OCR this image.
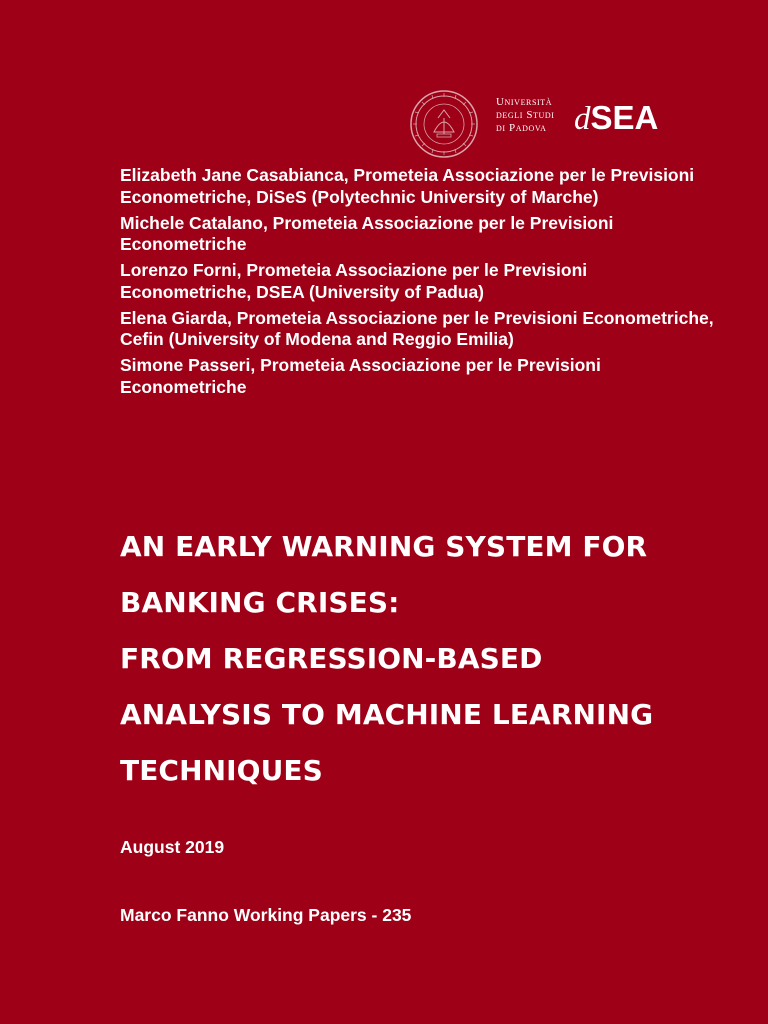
Università
degli Studi
di Padova dSEA
Elizabeth Jane Casabianca, Prometeia Associazione per le Previsioni Econometriche, DiSeS (Polytechnic University of Marche)
Michele Catalano, Prometeia Associazione per le Previsioni Econometriche
Lorenzo Forni, Prometeia Associazione per le Previsioni Econometriche, DSEA (University of Padua)
Elena Giarda, Prometeia Associazione per le Previsioni Econometriche, Cefin (University of Modena and Reggio Emilia)
Simone Passeri, Prometeia Associazione per le Previsioni Econometriche
AN EARLY WARNING SYSTEM FOR
BANKING CRISES:
FROM REGRESSION-BASED
ANALYSIS TO MACHINE LEARNING
TECHNIQUES
August 2019
Marco Fanno Working Papers - 235
